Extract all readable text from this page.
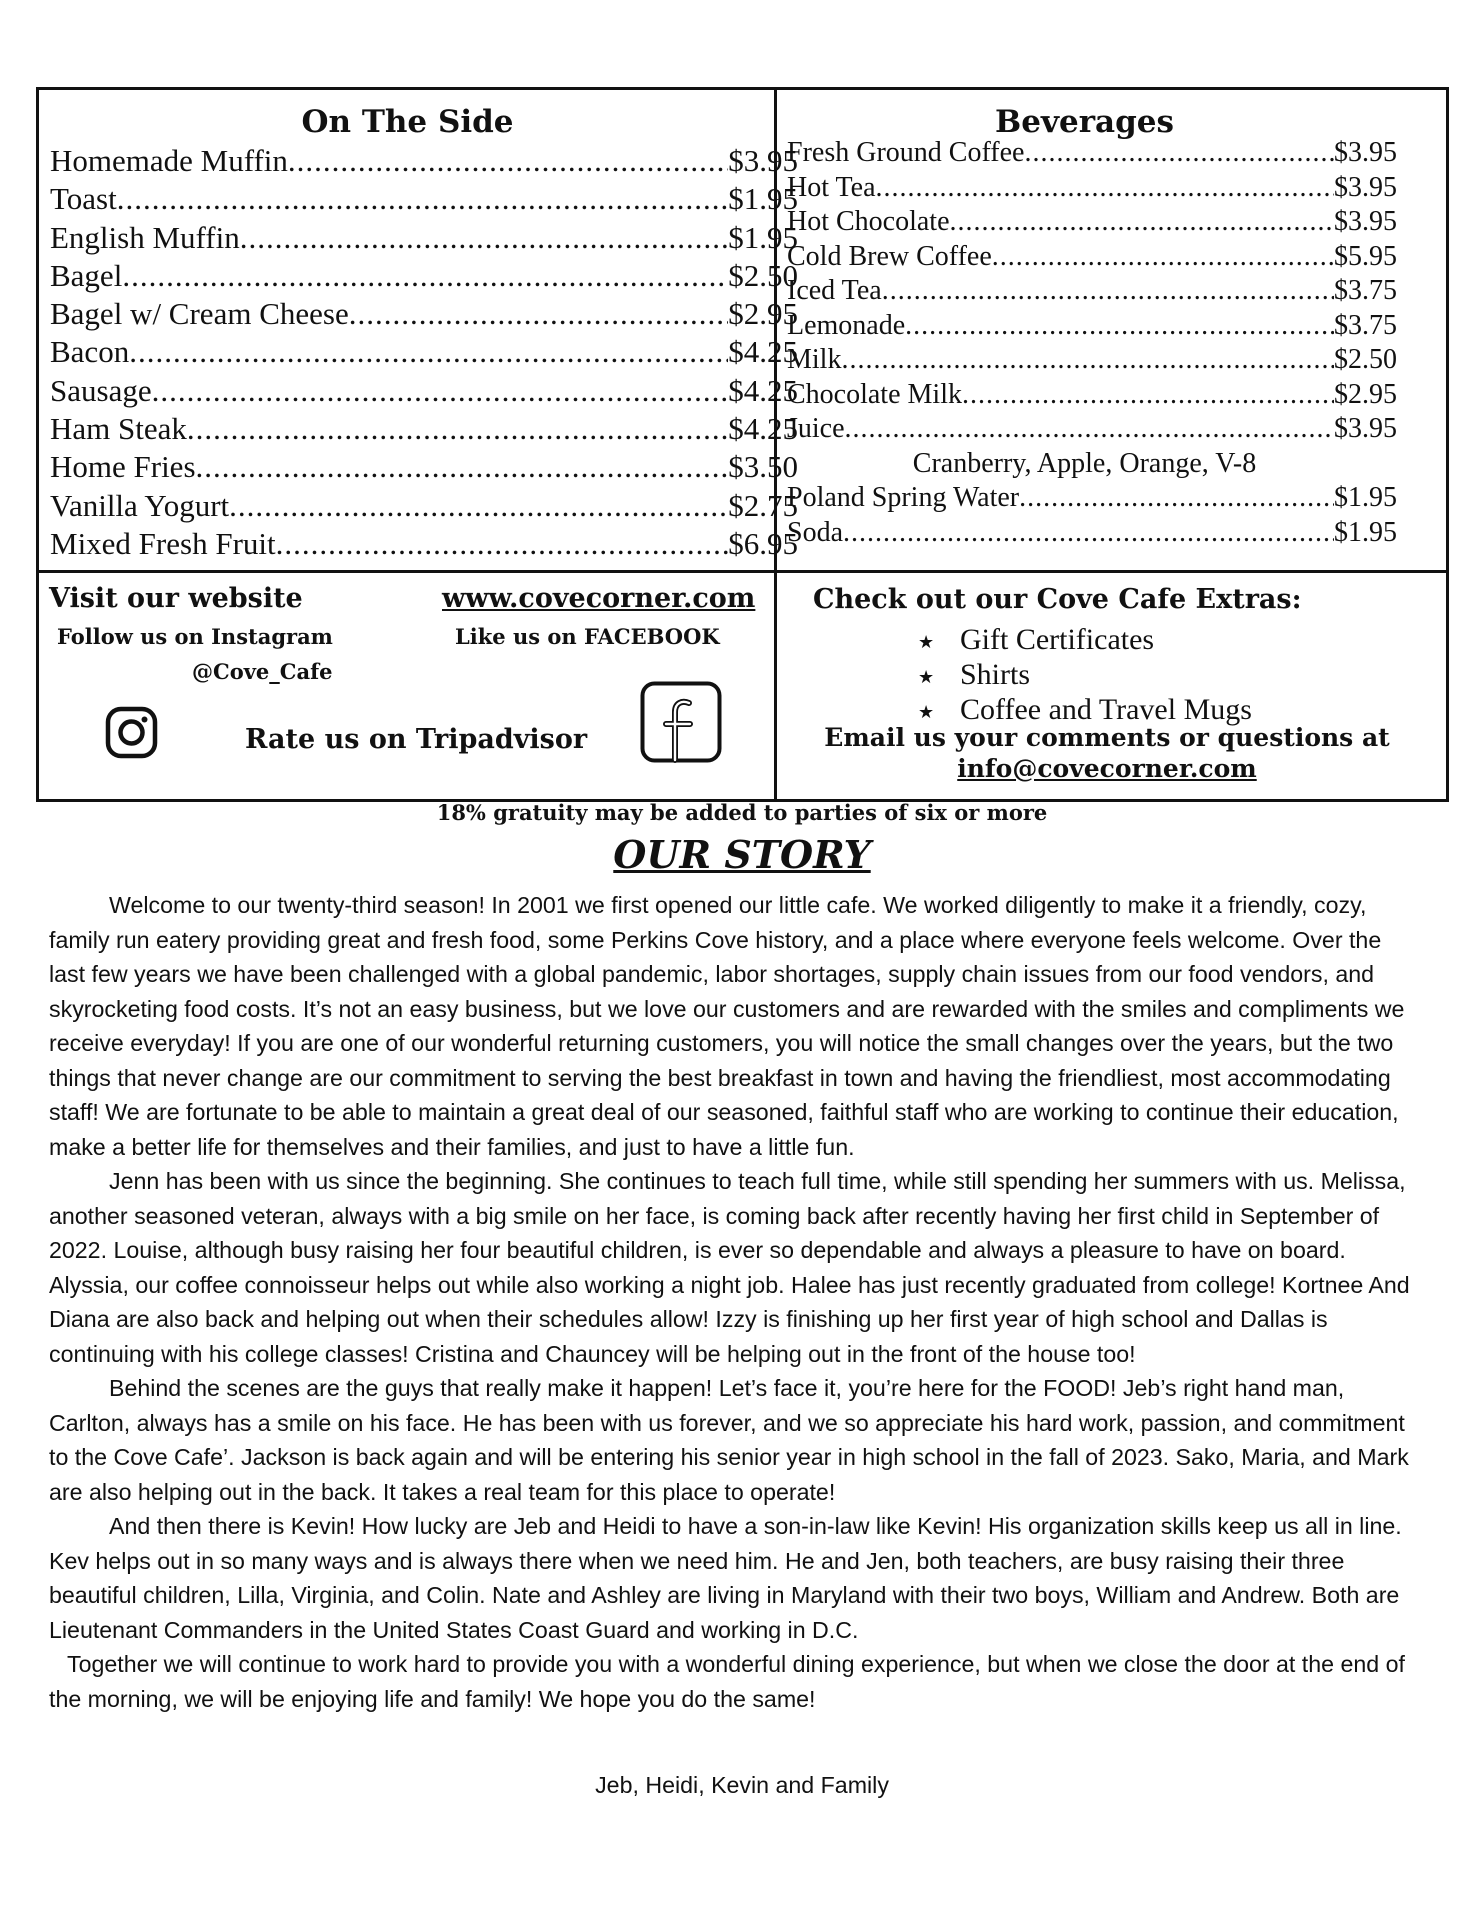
On The Side
Homemade Muffin .....	$3.95
Toast .....	$1.95
English Muffin .....	$1.95
Bagel .....	$2.50
Bagel w/ Cream Cheese .....	$2.95
Bacon .....	$4.25
Sausage .....	$4.25
Ham Steak .....	$4.25
Home Fries .....	$3.50
Vanilla Yogurt .....	$2.75
Mixed Fresh Fruit .....	$6.95
Beverages
Fresh Ground Coffee .....	$3.95
Hot Tea .....	$3.95
Hot Chocolate .....	$3.95
Cold Brew Coffee .....	$5.95
Iced Tea .....	$3.75
Lemonade .....	$3.75
Milk .....	$2.50
Chocolate Milk .....	$2.95
Juice .....	$3.95
Cranberry, Apple, Orange, V-8
Poland Spring Water .....	$1.95
Soda .....	$1.95
Visit our website	www.covecorner.com
Follow us on Instagram	Like us on FACEBOOK
@Cove_Cafe
Rate us on Tripadvisor
Check out our Cove Cafe Extras:
★ Gift Certificates
★ Shirts
★ Coffee and Travel Mugs
Email us your comments or questions at
info@covecorner.com
18% gratuity may be added to parties of six or more
OUR STORY

Welcome to our twenty-third season! In 2001 we first opened our little cafe. We worked diligently to make it a friendly, cozy, family run eatery providing great and fresh food, some Perkins Cove history, and a place where everyone feels welcome. Over the last few years we have been challenged with a global pandemic, labor shortages, supply chain issues from our food vendors, and skyrocketing food costs. It’s not an easy business, but we love our customers and are rewarded with the smiles and compliments we receive everyday! If you are one of our wonderful returning customers, you will notice the small changes over the years, but the two things that never change are our commitment to serving the best breakfast in town and having the friendliest, most accommodating staff! We are fortunate to be able to maintain a great deal of our seasoned, faithful staff who are working to continue their education, make a better life for themselves and their families, and just to have a little fun.

Jenn has been with us since the beginning. She continues to teach full time, while still spending her summers with us. Melissa, another seasoned veteran, always with a big smile on her face, is coming back after recently having her first child in September of 2022. Louise, although busy raising her four beautiful children, is ever so dependable and always a pleasure to have on board. Alyssia, our coffee connoisseur helps out while also working a night job. Halee has just recently graduated from college! Kortnee And Diana are also back and helping out when their schedules allow! Izzy is finishing up her first year of high school and Dallas is continuing with his college classes! Cristina and Chauncey will be helping out in the front of the house too!

Behind the scenes are the guys that really make it happen! Let’s face it, you’re here for the FOOD! Jeb’s right hand man, Carlton, always has a smile on his face. He has been with us forever, and we so appreciate his hard work, passion, and commitment to the Cove Cafe’. Jackson is back again and will be entering his senior year in high school in the fall of 2023. Sako, Maria, and Mark are also helping out in the back. It takes a real team for this place to operate!

And then there is Kevin! How lucky are Jeb and Heidi to have a son-in-law like Kevin! His organization skills keep us all in line. Kev helps out in so many ways and is always there when we need him. He and Jen, both teachers, are busy raising their three beautiful children, Lilla, Virginia, and Colin. Nate and Ashley are living in Maryland with their two boys, William and Andrew. Both are Lieutenant Commanders in the United States Coast Guard and working in D.C.

Together we will continue to work hard to provide you with a wonderful dining experience, but when we close the door at the end of the morning, we will be enjoying life and family! We hope you do the same!

Jeb, Heidi, Kevin and Family
